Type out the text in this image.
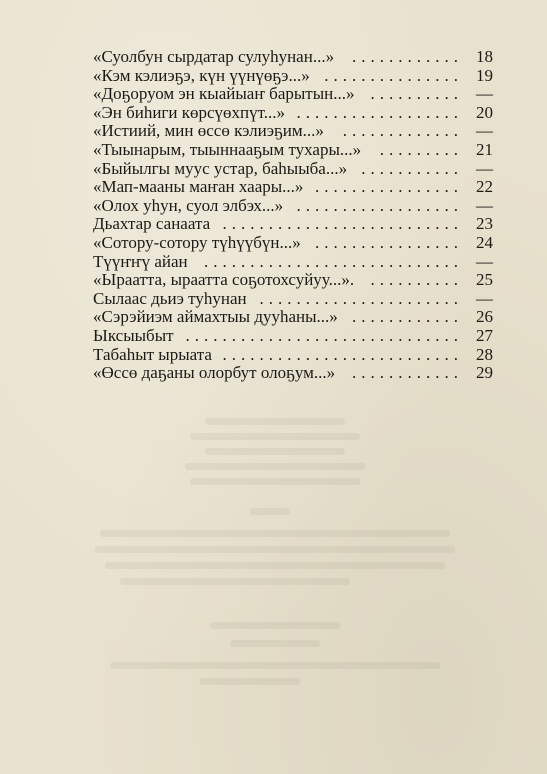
«Суолбун сырдатар сулуһунан...» ............ 18
«Кэм кэлиэҕэ, күн үүнүөҕэ...» ............... 19
«Доҕоруом эн кыайыаҥ барытын...» .......... —
«Эн биһиги көрсүөхпүт...» .................. 20
«Истиий, мин өссө кэлиэҕим...» ............. —
«Тыынарым, тыыннааҕым тухары...» ......... 21
«Быйылгы муус устар, баһыыба...» ........... —
«Мап-мааны маҥан хаары...» ................ 22
«Олох уһун, суол элбэх...» .................. —
Дьахтар санаата .......................... 23
«Сотору-сотору түһүүбүн...» ................ 24
Түүҥҥү айан ............................ —
«Ыраатта, ыраатта соҕотохсуйуу...». .......... 25
Сылаас дьиэ туһунан ...................... —
«Сэрэйиэм аймахтыы дууһаны...» ............ 26
Ыксыыбыт .............................. 27
Табаһыт ырыата .......................... 28
«Өссө даҕаны олорбут олоҕум...» ............ 29
